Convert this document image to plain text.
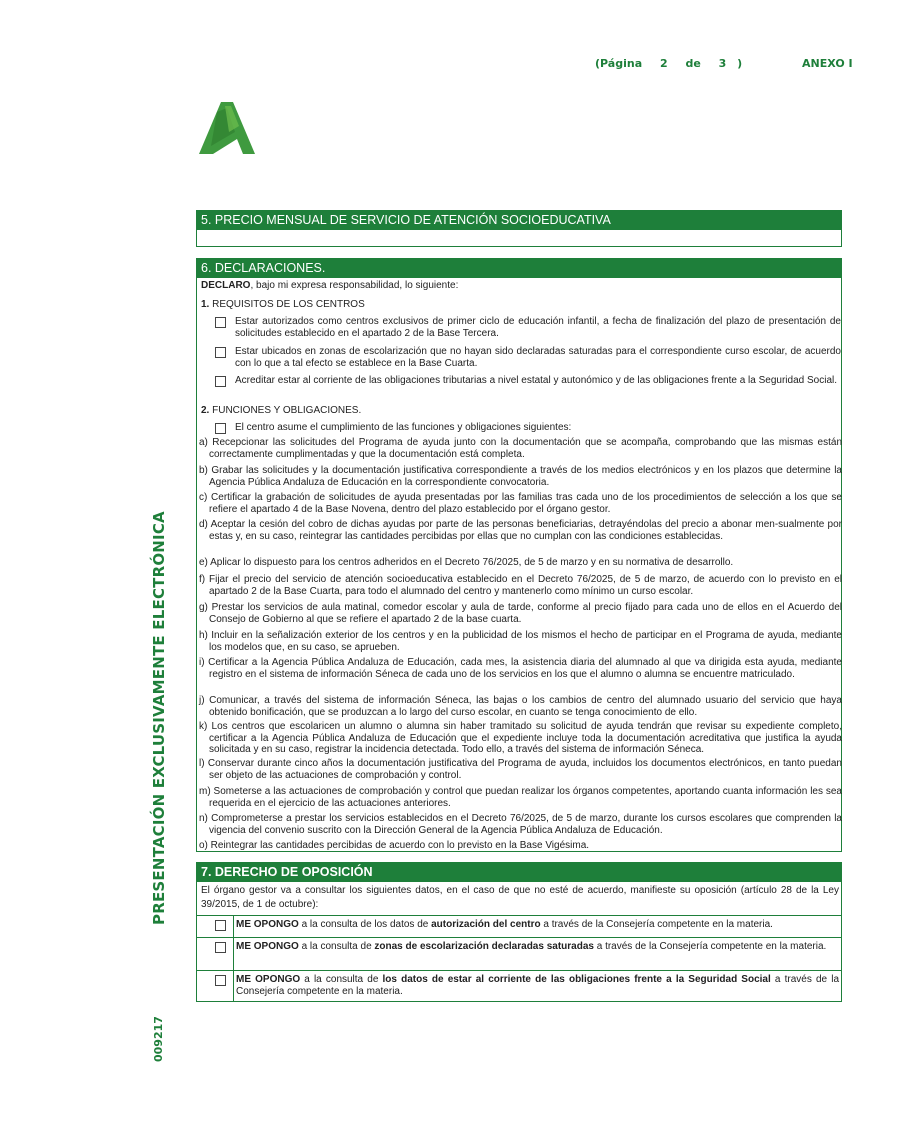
(Página 2 de 3 )	ANEXO I
PRESENTACIÓN EXCLUSIVAMENTE ELECTRÓNICA
009217
5. PRECIO MENSUAL DE SERVICIO DE ATENCIÓN SOCIOEDUCATIVA
6. DECLARACIONES.
DECLARO, bajo mi expresa responsabilidad, lo siguiente:
1. REQUISITOS DE LOS CENTROS
Estar autorizados como centros exclusivos de primer ciclo de educación infantil, a fecha de finalización del plazo de presentación de solicitudes establecido en el apartado 2 de la Base Tercera.
Estar ubicados en zonas de escolarización que no hayan sido declaradas saturadas para el correspondiente curso escolar, de acuerdo con lo que a tal efecto se establece en la Base Cuarta.
Acreditar estar al corriente de las obligaciones tributarias a nivel estatal y autonómico y de las obligaciones frente a la Seguridad Social.
2. FUNCIONES Y OBLIGACIONES.
El centro asume el cumplimiento de las funciones y obligaciones siguientes:
a) Recepcionar las solicitudes del Programa de ayuda junto con la documentación que se acompaña, comprobando que las mismas están correctamente cumplimentadas y que la documentación está completa.
b) Grabar las solicitudes y la documentación justificativa correspondiente a través de los medios electrónicos y en los plazos que determine la Agencia Pública Andaluza de Educación en la correspondiente convocatoria.
c) Certificar la grabación de solicitudes de ayuda presentadas por las familias tras cada uno de los procedimientos de selección a los que se refiere el apartado 4 de la Base Novena, dentro del plazo establecido por el órgano gestor.
d) Aceptar la cesión del cobro de dichas ayudas por parte de las personas beneficiarias, detrayéndolas del precio a abonar men-sualmente por estas y, en su caso, reintegrar las cantidades percibidas por ellas que no cumplan con las condiciones establecidas.
e) Aplicar lo dispuesto para los centros adheridos en el Decreto 76/2025, de 5 de marzo y en su normativa de desarrollo.
f) Fijar el precio del servicio de atención socioeducativa establecido en el Decreto 76/2025, de 5 de marzo, de acuerdo con lo previsto en el apartado 2 de la Base Cuarta, para todo el alumnado del centro y mantenerlo como mínimo un curso escolar.
g) Prestar los servicios de aula matinal, comedor escolar y aula de tarde, conforme al precio fijado para cada uno de ellos en el Acuerdo del Consejo de Gobierno al que se refiere el apartado 2 de la base cuarta.
h) Incluir en la señalización exterior de los centros y en la publicidad de los mismos el hecho de participar en el Programa de ayuda, mediante los modelos que, en su caso, se aprueben.
i) Certificar a la Agencia Pública Andaluza de Educación, cada mes, la asistencia diaria del alumnado al que va dirigida esta ayuda, mediante registro en el sistema de información Séneca de cada uno de los servicios en los que el alumno o alumna se encuentre matriculado.
j) Comunicar, a través del sistema de información Séneca, las bajas o los cambios de centro del alumnado usuario del servicio que haya obtenido bonificación, que se produzcan a lo largo del curso escolar, en cuanto se tenga conocimiento de ello.
k) Los centros que escolaricen un alumno o alumna sin haber tramitado su solicitud de ayuda tendrán que revisar su expediente completo, certificar a la Agencia Pública Andaluza de Educación que el expediente incluye toda la documentación acreditativa que justifica la ayuda solicitada y en su caso, registrar la incidencia detectada. Todo ello, a través del sistema de información Séneca.
l) Conservar durante cinco años la documentación justificativa del Programa de ayuda, incluidos los documentos electrónicos, en tanto puedan ser objeto de las actuaciones de comprobación y control.
m) Someterse a las actuaciones de comprobación y control que puedan realizar los órganos competentes, aportando cuanta información les sea requerida en el ejercicio de las actuaciones anteriores.
n) Comprometerse a prestar los servicios establecidos en el Decreto 76/2025, de 5 de marzo, durante los cursos escolares que comprenden la vigencia del convenio suscrito con la Dirección General de la Agencia Pública Andaluza de Educación.
o) Reintegrar las cantidades percibidas de acuerdo con lo previsto en la Base Vigésima.
7. DERECHO DE OPOSICIÓN
El órgano gestor va a consultar los siguientes datos, en el caso de que no esté de acuerdo, manifieste su oposición (artículo 28 de la Ley 39/2015, de 1 de octubre):
ME OPONGO a la consulta de los datos de autorización del centro a través de la Consejería competente en la materia.
ME OPONGO a la consulta de zonas de escolarización declaradas saturadas a través de la Consejería competente en la materia.
ME OPONGO a la consulta de los datos de estar al corriente de las obligaciones frente a la Seguridad Social a través de la Consejería competente en la materia.
